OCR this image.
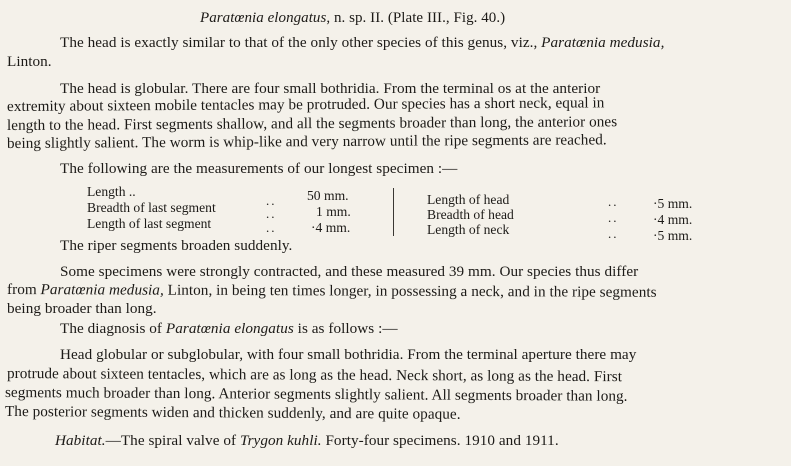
Paratœnia elongatus, n. sp. II. (Plate III., Fig. 40.)
The head is exactly similar to that of the only other species of this genus, viz., Paratœnia medusia,
Linton.
The head is globular. There are four small bothridia. From the terminal os at the anterior
extremity about sixteen mobile tentacles may be protruded. Our species has a short neck, equal in
length to the head. First segments shallow, and all the segments broader than long, the anterior ones
being slightly salient. The worm is whip-like and very narrow until the ripe segments are reached.
The following are the measurements of our longest specimen :—
Length ..
Breadth of last segment
Length of last segment
..
..
..
50 mm.
1 mm.
·4 mm.
Length of head
Breadth of head
Length of neck
..
..
..
·5 mm.
·4 mm.
·5 mm.
The riper segments broaden suddenly.
Some specimens were strongly contracted, and these measured 39 mm. Our species thus differ
from Paratœnia medusia, Linton, in being ten times longer, in possessing a neck, and in the ripe segments
being broader than long.
The diagnosis of Paratœnia elongatus is as follows :—
Head globular or subglobular, with four small bothridia. From the terminal aperture there may
protrude about sixteen tentacles, which are as long as the head. Neck short, as long as the head. First
segments much broader than long. Anterior segments slightly salient. All segments broader than long.
The posterior segments widen and thicken suddenly, and are quite opaque.
Habitat.—The spiral valve of Trygon kuhli. Forty-four specimens. 1910 and 1911.
